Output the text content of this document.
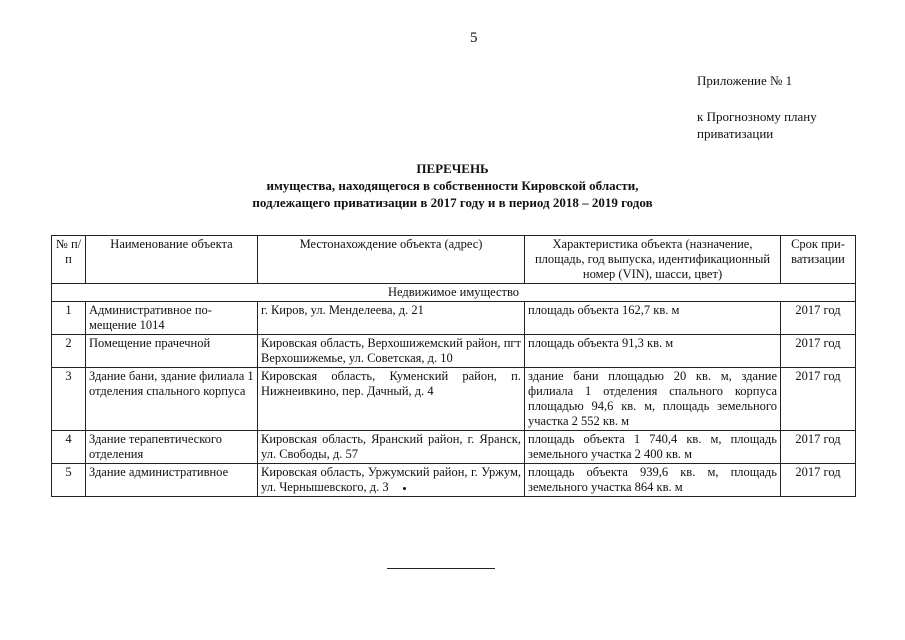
5
Приложение № 1
к Прогнозному плану
приватизации
ПЕРЕЧЕНЬ
имущества, находящегося в собственности Кировской области,
подлежащего приватизации в 2017 году и в период 2018 – 2019 годов
№ п/п	Наименование объекта	Местонахождение объекта (адрес)	Характеристика объекта (назначение, площадь, год выпуска, идентификационный номер (VIN), шасси, цвет)	Срок приватизации
Недвижимое имущество				
1	Административное помещение 1014	г. Киров, ул. Менделеева, д. 21	площадь объекта 162,7 кв. м	2017 год
2	Помещение прачечной	Кировская область, Верхошижемский район, пгт Верхошижемье, ул. Советская, д. 10	площадь объекта 91,3 кв. м	2017 год
3	Здание бани, здание филиала 1 отделения спального корпуса	Кировская область, Куменский район, п. Нижнеивкино, пер. Дачный, д. 4	здание бани площадью 20 кв. м, здание филиала 1 отделения спального корпуса площадью 94,6 кв. м, площадь земельного участка 2 552 кв. м	2017 год
4	Здание терапевтического отделения	Кировская область, Яранский район, г. Яранск, ул. Свободы, д. 57	площадь объекта 1 740,4 кв. м, площадь земельного участка 2 400 кв. м	2017 год
5	Здание административное	Кировская область, Уржумский район, г. Уржум, ул. Чернышевского, д. 3	площадь объекта 939,6 кв. м, площадь земельного участка 864 кв. м	2017 год
